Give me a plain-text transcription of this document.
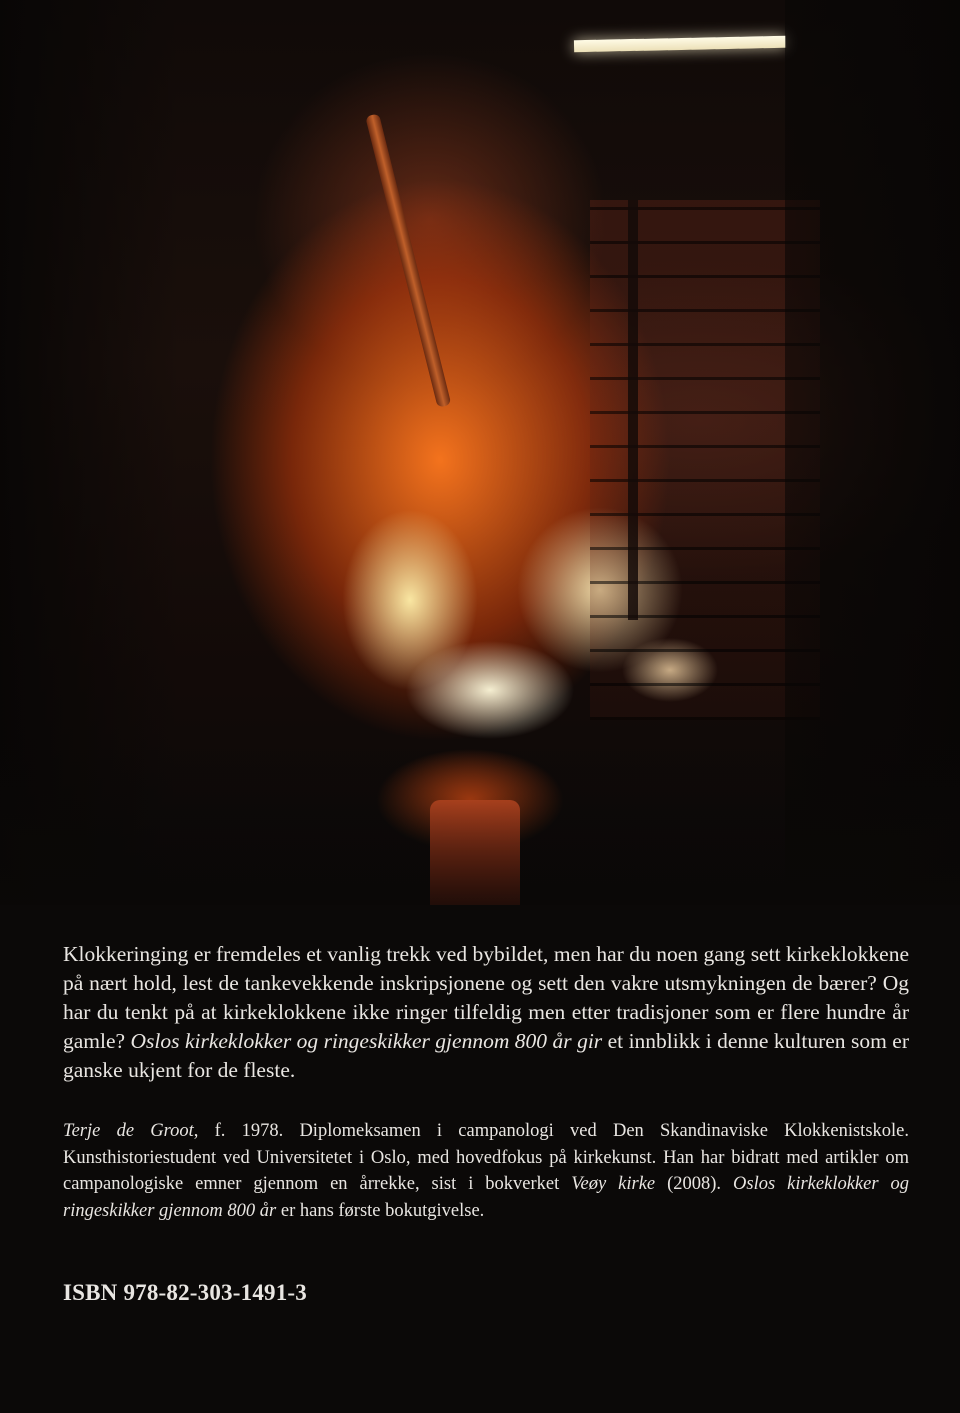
Klokkeringing er fremdeles et vanlig trekk ved bybildet, men har du noen gang sett kirkeklokkene på nært hold, lest de tankevekkende inskripsjonene og sett den vakre utsmykningen de bærer? Og har du tenkt på at kirkeklokkene ikke ringer tilfeldig men etter tradisjoner som er flere hundre år gamle? Oslos kirkeklokker og ringeskikker gjennom 800 år gir et innblikk i denne kulturen som er ganske ukjent for de fleste.
Terje de Groot, f. 1978. Diplomeksamen i campanologi ved Den Skandinaviske Klokkenistskole. Kunsthistoriestudent ved Universitetet i Oslo, med hovedfokus på kirkekunst. Han har bidratt med artikler om campanologiske emner gjennom en årrekke, sist i bokverket Veøy kirke (2008). Oslos kirkeklokker og ringeskikker gjennom 800 år er hans første bokutgivelse.
ISBN 978-82-303-1491-3
